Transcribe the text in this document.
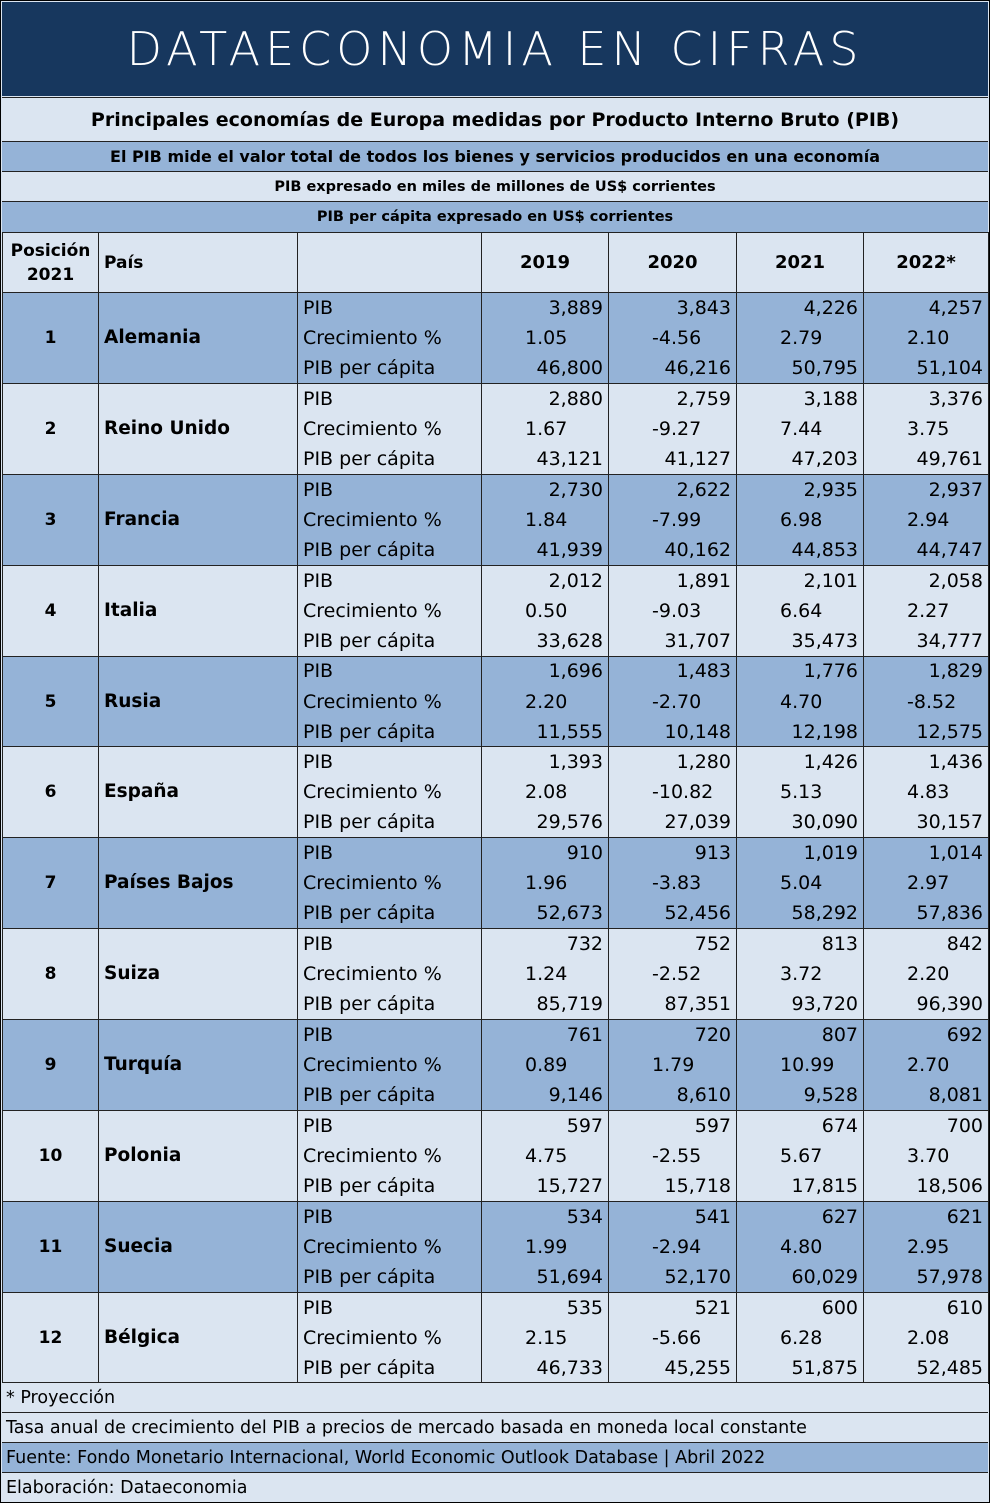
DATAECONOMIA EN CIFRAS
Principales economías de Europa medidas por Producto Interno Bruto (PIB)
El PIB mide el valor total de todos los bienes y servicios producidos en una economía
PIB expresado en miles de millones de US$ corrientes
PIB per cápita expresado en US$ corrientes
Posición
2021	País		2019	2020	2021	2022*
1	Alemania	PIB	3,889	3,843	4,226	4,257
		Crecimiento %	1.05	-4.56	2.79	2.10
		PIB per cápita	46,800	46,216	50,795	51,104
2	Reino Unido	PIB	2,880	2,759	3,188	3,376
		Crecimiento %	1.67	-9.27	7.44	3.75
		PIB per cápita	43,121	41,127	47,203	49,761
3	Francia	PIB	2,730	2,622	2,935	2,937
		Crecimiento %	1.84	-7.99	6.98	2.94
		PIB per cápita	41,939	40,162	44,853	44,747
4	Italia	PIB	2,012	1,891	2,101	2,058
		Crecimiento %	0.50	-9.03	6.64	2.27
		PIB per cápita	33,628	31,707	35,473	34,777
5	Rusia	PIB	1,696	1,483	1,776	1,829
		Crecimiento %	2.20	-2.70	4.70	-8.52
		PIB per cápita	11,555	10,148	12,198	12,575
6	España	PIB	1,393	1,280	1,426	1,436
		Crecimiento %	2.08	-10.82	5.13	4.83
		PIB per cápita	29,576	27,039	30,090	30,157
7	Países Bajos	PIB	910	913	1,019	1,014
		Crecimiento %	1.96	-3.83	5.04	2.97
		PIB per cápita	52,673	52,456	58,292	57,836
8	Suiza	PIB	732	752	813	842
		Crecimiento %	1.24	-2.52	3.72	2.20
		PIB per cápita	85,719	87,351	93,720	96,390
9	Turquía	PIB	761	720	807	692
		Crecimiento %	0.89	1.79	10.99	2.70
		PIB per cápita	9,146	8,610	9,528	8,081
10	Polonia	PIB	597	597	674	700
		Crecimiento %	4.75	-2.55	5.67	3.70
		PIB per cápita	15,727	15,718	17,815	18,506
11	Suecia	PIB	534	541	627	621
		Crecimiento %	1.99	-2.94	4.80	2.95
		PIB per cápita	51,694	52,170	60,029	57,978
12	Bélgica	PIB	535	521	600	610
		Crecimiento %	2.15	-5.66	6.28	2.08
		PIB per cápita	46,733	45,255	51,875	52,485
* Proyección
Tasa anual de crecimiento del PIB a precios de mercado basada en moneda local constante
Fuente: Fondo Monetario Internacional, World Economic Outlook Database | Abril 2022
Elaboración: Dataeconomia
